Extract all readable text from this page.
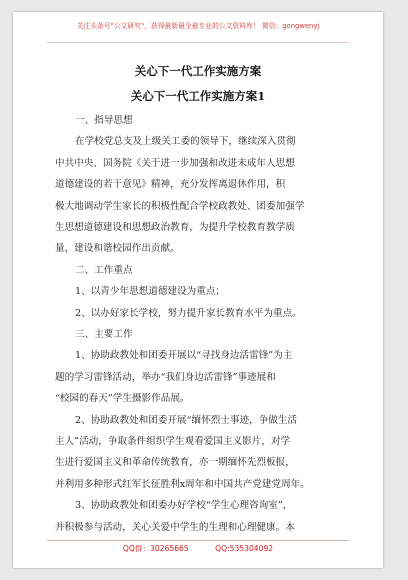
关注头条号"公文研究"，获得最新最全最专业的公文资料库！ 微信：gongwenyj
关心下一代工作实施方案
关心下一代工作实施方案1
一、指导思想
在学校党总支及上级关工委的领导下，继续深入贯彻
中共中央、国务院《关于进一步加强和改进未成年人思想
道德建设的若干意见》精神，充分发挥离退休作用，积
极大地调动学生家长的积极性配合学校政教处、团委加强学
生思想道德建设和思想政治教育，为提升学校教育教学质
量，建设和谐校园作出贡献。
二、工作重点
1、以青少年思想道德建设为重点；
2、以办好家长学校，努力提升家长教育水平为重点。
三、主要工作
1、协助政教处和团委开展以“寻找身边活雷锋”为主
题的学习雷锋活动，举办“我们身边活雷锋”事迹展和
“校园的春天”学生摄影作品展。
2、协助政教处和团委开展“缅怀烈士事迹，争做生活
主人”活动，争取条件组织学生观看爱国主义影片，对学
生进行爱国主义和革命传统教育，亦一期缅怀先烈板报，
并利用多种形式红军长征胜利x周年和中国共产党建党周年。
3、协助政教处和团委办好学校“学生心理咨询室”，
并积极参与活动，关心关爱中学生的生理和心理健康。本
QQ群：30265665	QQ:535304092
